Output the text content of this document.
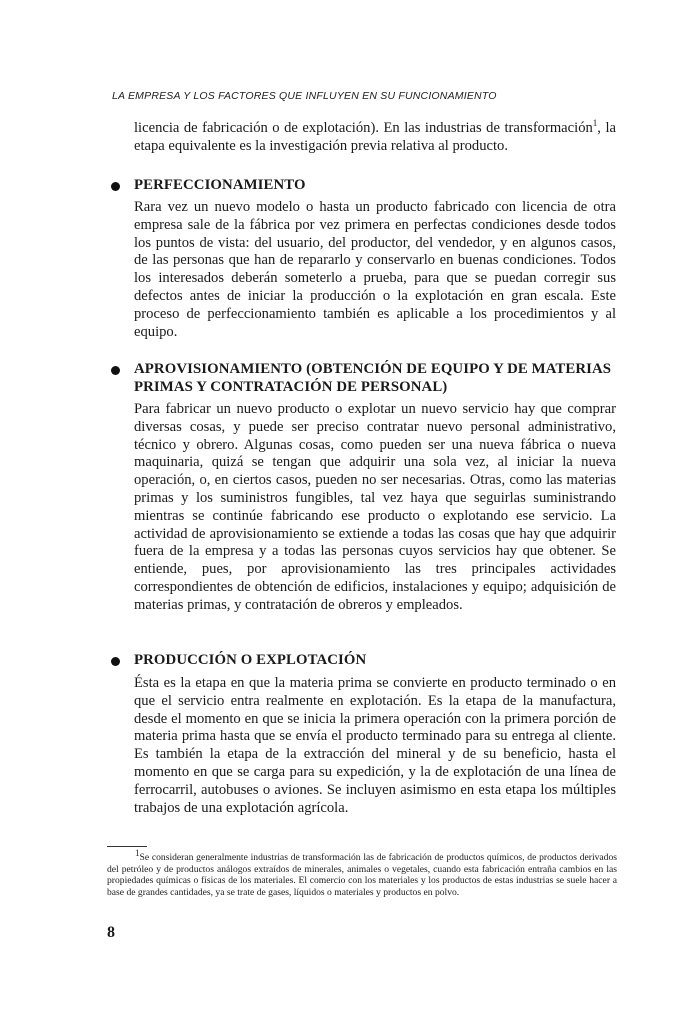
LA EMPRESA Y LOS FACTORES QUE INFLUYEN EN SU FUNCIONAMIENTO
licencia de fabricación o de explotación). En las industrias de transformación$^1$, la etapa equivalente es la investigación previa relativa al producto.
PERFECCIONAMIENTO
Rara vez un nuevo modelo o hasta un producto fabricado con licencia de otra empresa sale de la fábrica por vez primera en perfectas condiciones desde todos los puntos de vista: del usuario, del productor, del vendedor, y en algunos casos, de las personas que han de repararlo y conservarlo en buenas condiciones. Todos los interesados deberán someterlo a prueba, para que se puedan corregir sus defectos antes de iniciar la producción o la explotación en gran escala. Este proceso de perfeccionamiento también es aplicable a los procedimientos y al equipo.
APROVISIONAMIENTO (OBTENCIÓN DE EQUIPO Y DE MATERIAS PRIMAS Y CONTRATACIÓN DE PERSONAL)
Para fabricar un nuevo producto o explotar un nuevo servicio hay que comprar diversas cosas, y puede ser preciso contratar nuevo personal administrativo, técnico y obrero. Algunas cosas, como pueden ser una nueva fábrica o nueva maquinaria, quizá se tengan que adquirir una sola vez, al iniciar la nueva operación, o, en ciertos casos, pueden no ser necesarias. Otras, como las materias primas y los suministros fungibles, tal vez haya que seguirlas suministrando mientras se continúe fabricando ese producto o explotando ese servicio. La actividad de aprovisionamiento se extiende a todas las cosas que hay que adquirir fuera de la empresa y a todas las personas cuyos servicios hay que obtener. Se entiende, pues, por aprovisionamiento las tres principales actividades correspondientes de obtención de edificios, instalaciones y equipo; adquisición de materias primas, y contratación de obreros y empleados.
PRODUCCIÓN O EXPLOTACIÓN
Ésta es la etapa en que la materia prima se convierte en producto terminado o en que el servicio entra realmente en explotación. Es la etapa de la manufactura, desde el momento en que se inicia la primera operación con la primera porción de materia prima hasta que se envía el producto terminado para su entrega al cliente. Es también la etapa de la extracción del mineral y de su beneficio, hasta el momento en que se carga para su expedición, y la de explotación de una línea de ferrocarril, autobuses o aviones. Se incluyen asimismo en esta etapa los múltiples trabajos de una explotación agrícola.
$^1$Se consideran generalmente industrias de transformación las de fabricación de productos químicos, de productos derivados del petróleo y de productos análogos extraídos de minerales, animales o vegetales, cuando esta fabricación entraña cambios en las propiedades químicas o físicas de los materiales. El comercio con los materiales y los productos de estas industrias se suele hacer a base de grandes cantidades, ya se trate de gases, líquidos o materiales y productos en polvo.
8
